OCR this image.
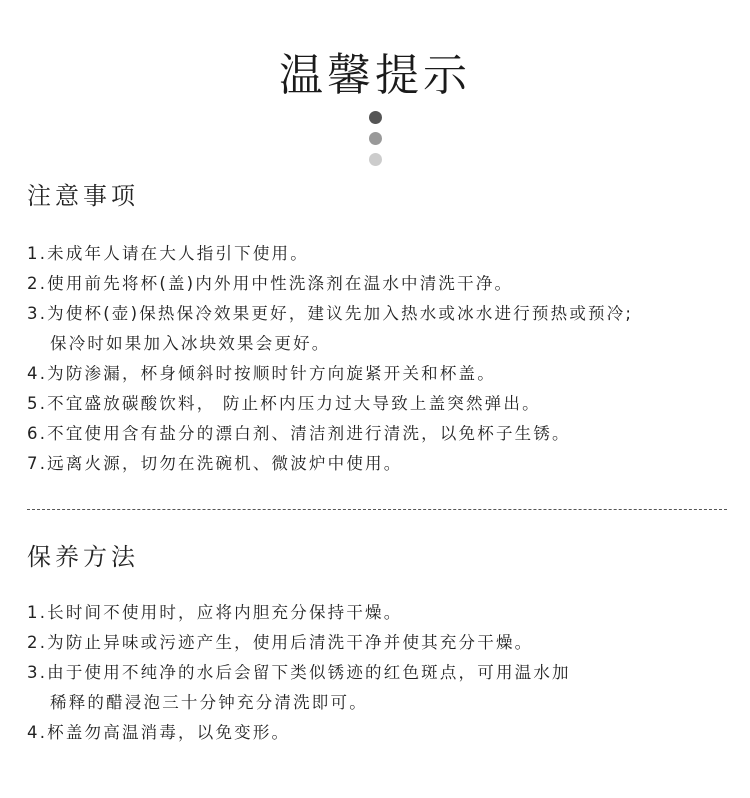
温馨提示
注意事项
1.未成年人请在大人指引下使用。
2.使用前先将杯(盖)内外用中性洗涤剂在温水中清洗干净。
3.为使杯(壶)保热保冷效果更好，建议先加入热水或冰水进行预热或预冷;
保冷时如果加入冰块效果会更好。
4.为防渗漏，杯身倾斜时按顺时针方向旋紧开关和杯盖。
5.不宜盛放碳酸饮料， 防止杯内压力过大导致上盖突然弹出。
6.不宜使用含有盐分的漂白剂、清洁剂进行清洗，以免杯子生锈。
7.远离火源，切勿在洗碗机、微波炉中使用。
保养方法
1.长时间不使用时，应将内胆充分保持干燥。
2.为防止异味或污迹产生，使用后清洗干净并使其充分干燥。
3.由于使用不纯净的水后会留下类似锈迹的红色斑点，可用温水加
稀释的醋浸泡三十分钟充分清洗即可。
4.杯盖勿高温消毒，以免变形。
